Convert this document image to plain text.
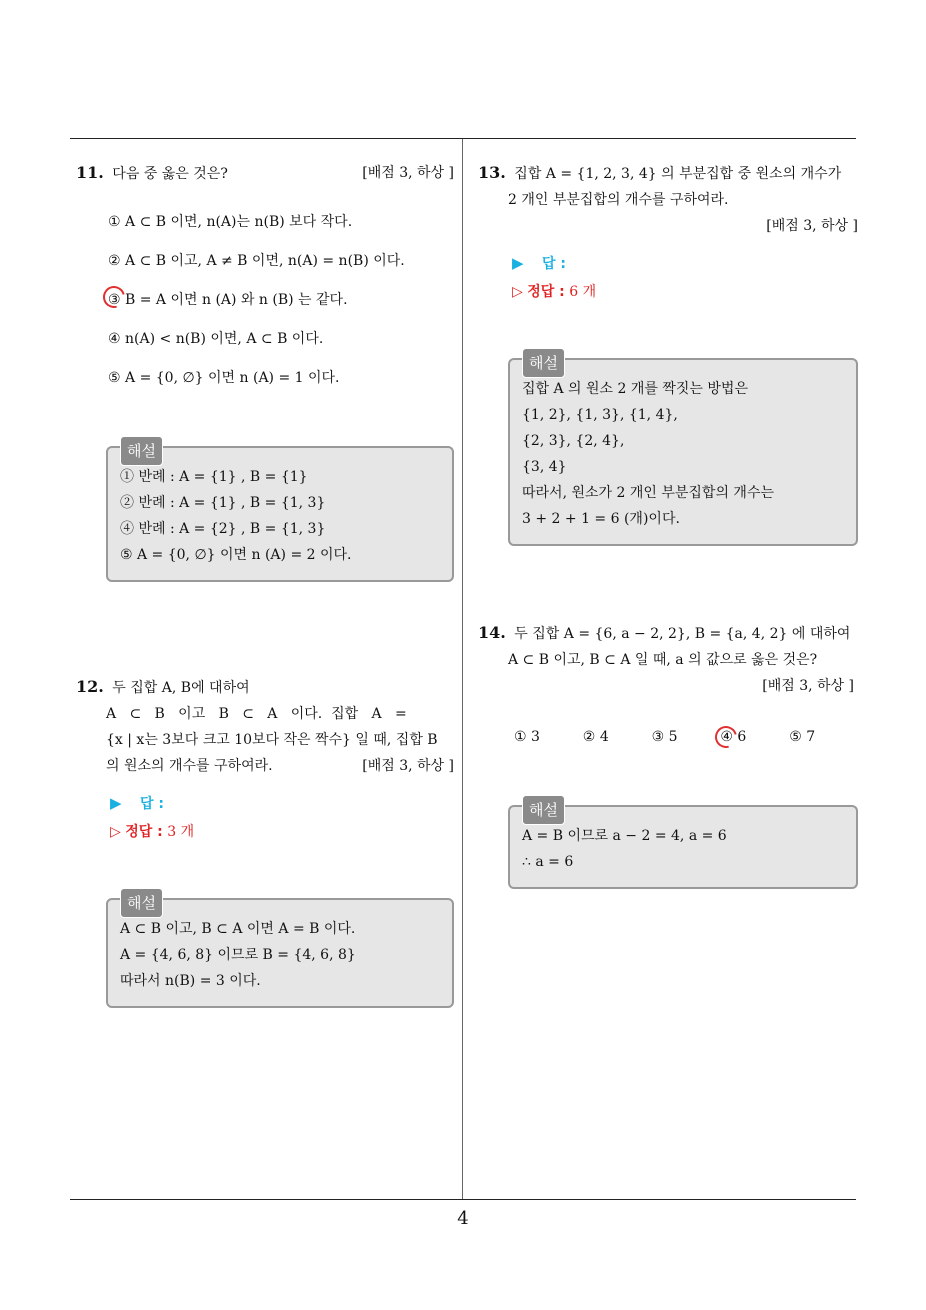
4
11. 다음 중 옳은 것은?	[배점 3, 하상 ]
① A ⊂ B 이면, n(A)는 n(B) 보다 작다.
② A ⊂ B 이고, A ≠ B 이면, n(A) = n(B) 이다.
③ B = A 이면 n (A) 와 n (B) 는 같다.
④ n(A) < n(B) 이면, A ⊂ B 이다.
⑤ A = {0, ∅} 이면 n (A) = 1 이다.
해설
① 반례 : A = {1} , B = {1}
② 반례 : A = {1} , B = {1, 3}
④ 반례 : A = {2} , B = {1, 3}
⑤ A = {0, ∅} 이면 n (A) = 2 이다.
12. 두 집합 A, B에 대하여
A   ⊂   B   이고   B   ⊂   A   이다.  집합   A   =
{x | x는 3보다 크고 10보다 작은 짝수} 일 때, 집합 B
의 원소의 개수를 구하여라.	[배점 3, 하상 ]
▶ 답 :
▷ 정답 : 3 개
해설
A ⊂ B 이고, B ⊂ A 이면 A = B 이다.
A = {4, 6, 8} 이므로 B = {4, 6, 8}
따라서 n(B) = 3 이다.
13. 집합 A = {1, 2, 3, 4} 의 부분집합 중 원소의 개수가
2 개인 부분집합의 개수를 구하여라.
[배점 3, 하상 ]
▶ 답 :
▷ 정답 : 6 개
해설
집합 A 의 원소 2 개를 짝짓는 방법은
{1, 2}, {1, 3}, {1, 4},
{2, 3}, {2, 4},
{3, 4}
따라서, 원소가 2 개인 부분집합의 개수는
3 + 2 + 1 = 6 (개)이다.
14. 두 집합 A = {6, a − 2, 2}, B = {a, 4, 2} 에 대하여
A ⊂ B 이고, B ⊂ A 일 때, a 의 값으로 옳은 것은?
[배점 3, 하상 ]
① 3	② 4	③ 5	④ 6	⑤ 7
해설
A = B 이므로 a − 2 = 4, a = 6
∴ a = 6
